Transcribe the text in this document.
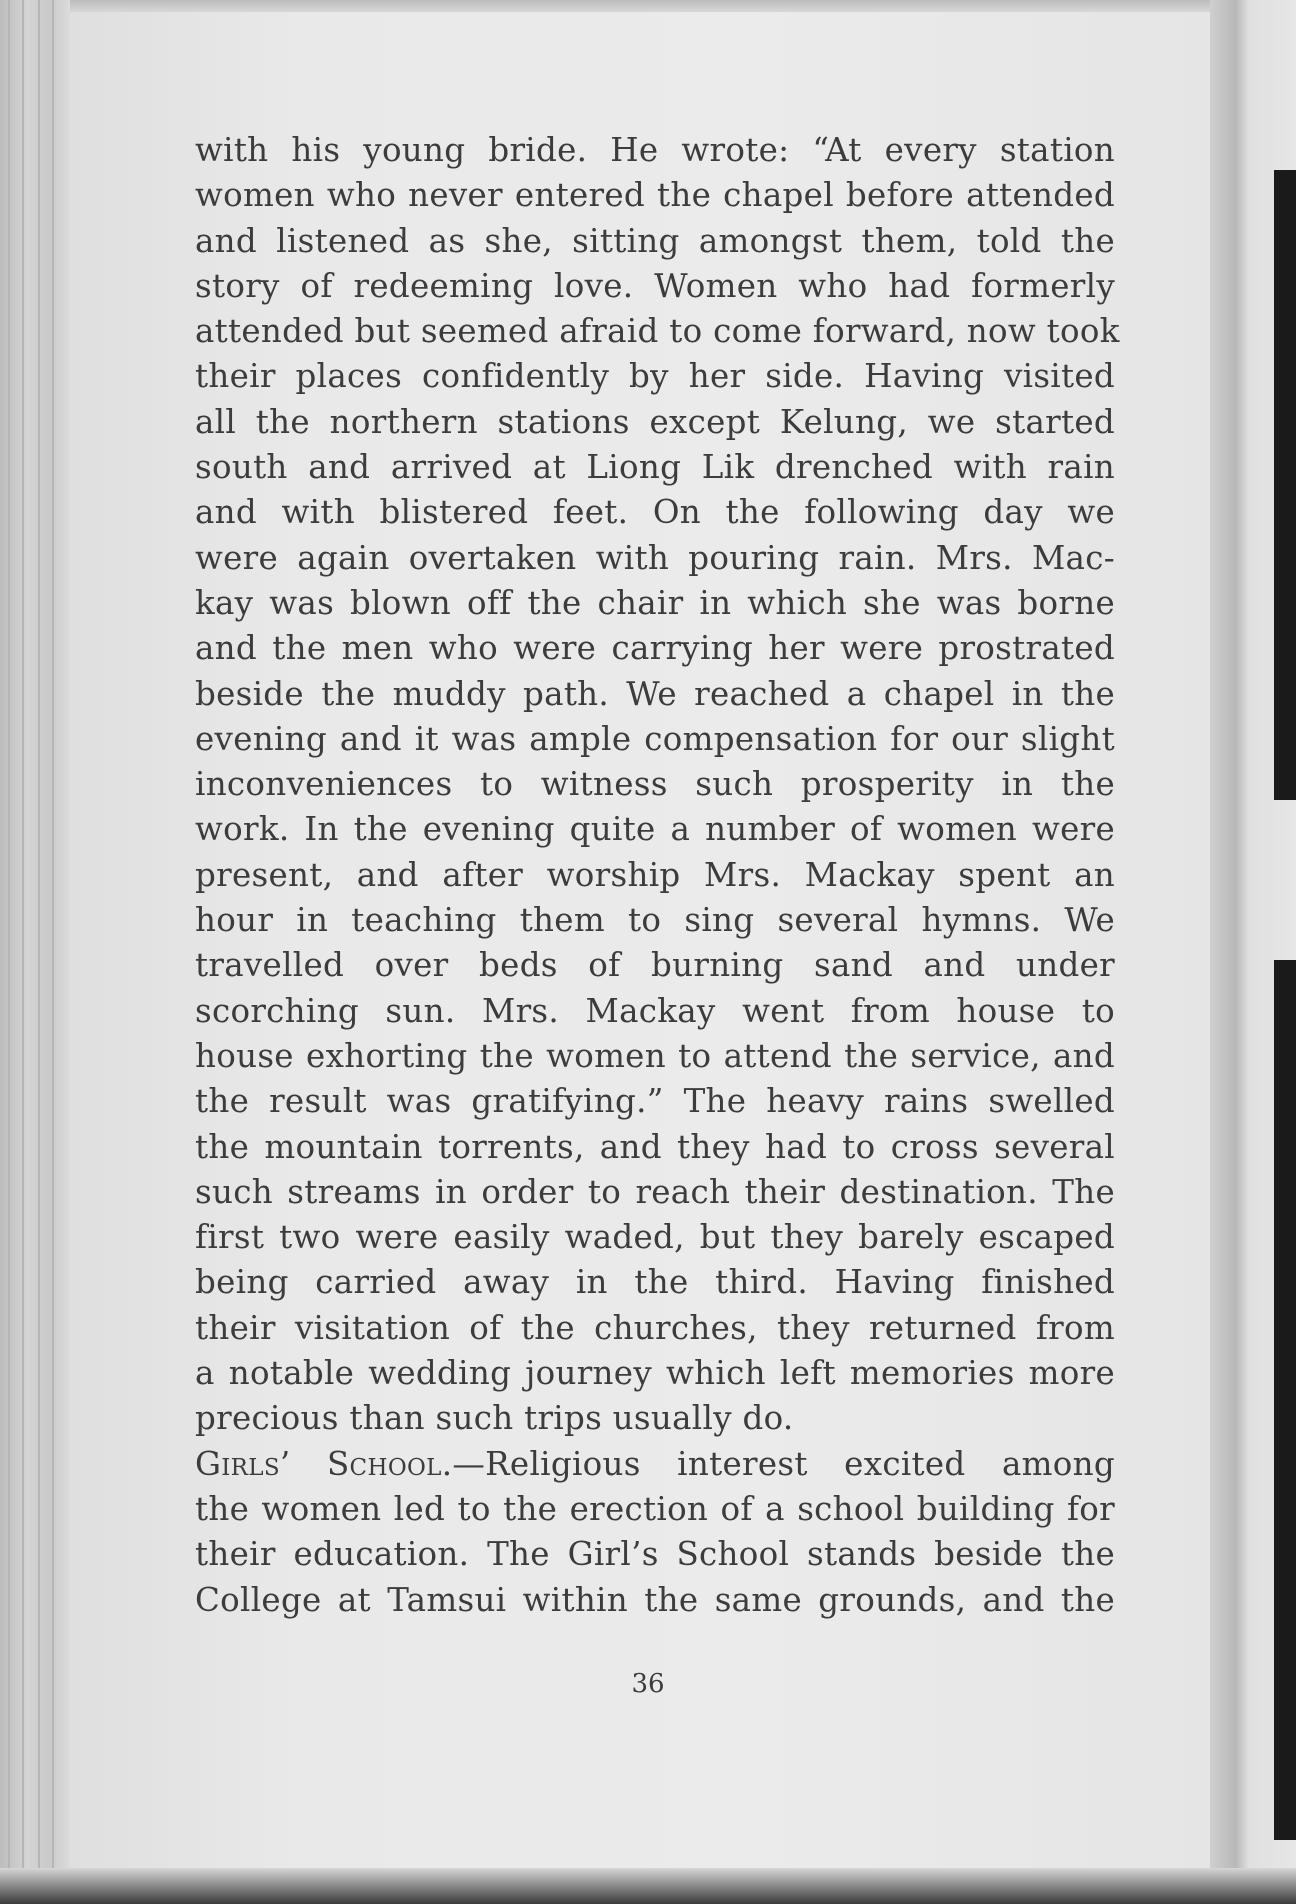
with his young bride. He wrote: “At every station
women who never entered the chapel before attended
and listened as she, sitting amongst them, told the
story of redeeming love. Women who had formerly
attended but seemed afraid to come forward, now took
their places confidently by her side. Having visited
all the northern stations except Kelung, we started
south and arrived at Liong Lik drenched with rain
and with blistered feet. On the following day we
were again overtaken with pouring rain. Mrs. Mac-
kay was blown off the chair in which she was borne
and the men who were carrying her were prostrated
beside the muddy path. We reached a chapel in the
evening and it was ample compensation for our slight
inconveniences to witness such prosperity in the
work. In the evening quite a number of women were
present, and after worship Mrs. Mackay spent an
hour in teaching them to sing several hymns. We
travelled over beds of burning sand and under
scorching sun. Mrs. Mackay went from house to
house exhorting the women to attend the service, and
the result was gratifying.” The heavy rains swelled
the mountain torrents, and they had to cross several
such streams in order to reach their destination. The
first two were easily waded, but they barely escaped
being carried away in the third. Having finished
their visitation of the churches, they returned from
a notable wedding journey which left memories more
precious than such trips usually do.
Girls’ School.—Religious interest excited among
the women led to the erection of a school building for
their education. The Girl’s School stands beside the
College at Tamsui within the same grounds, and the
36
